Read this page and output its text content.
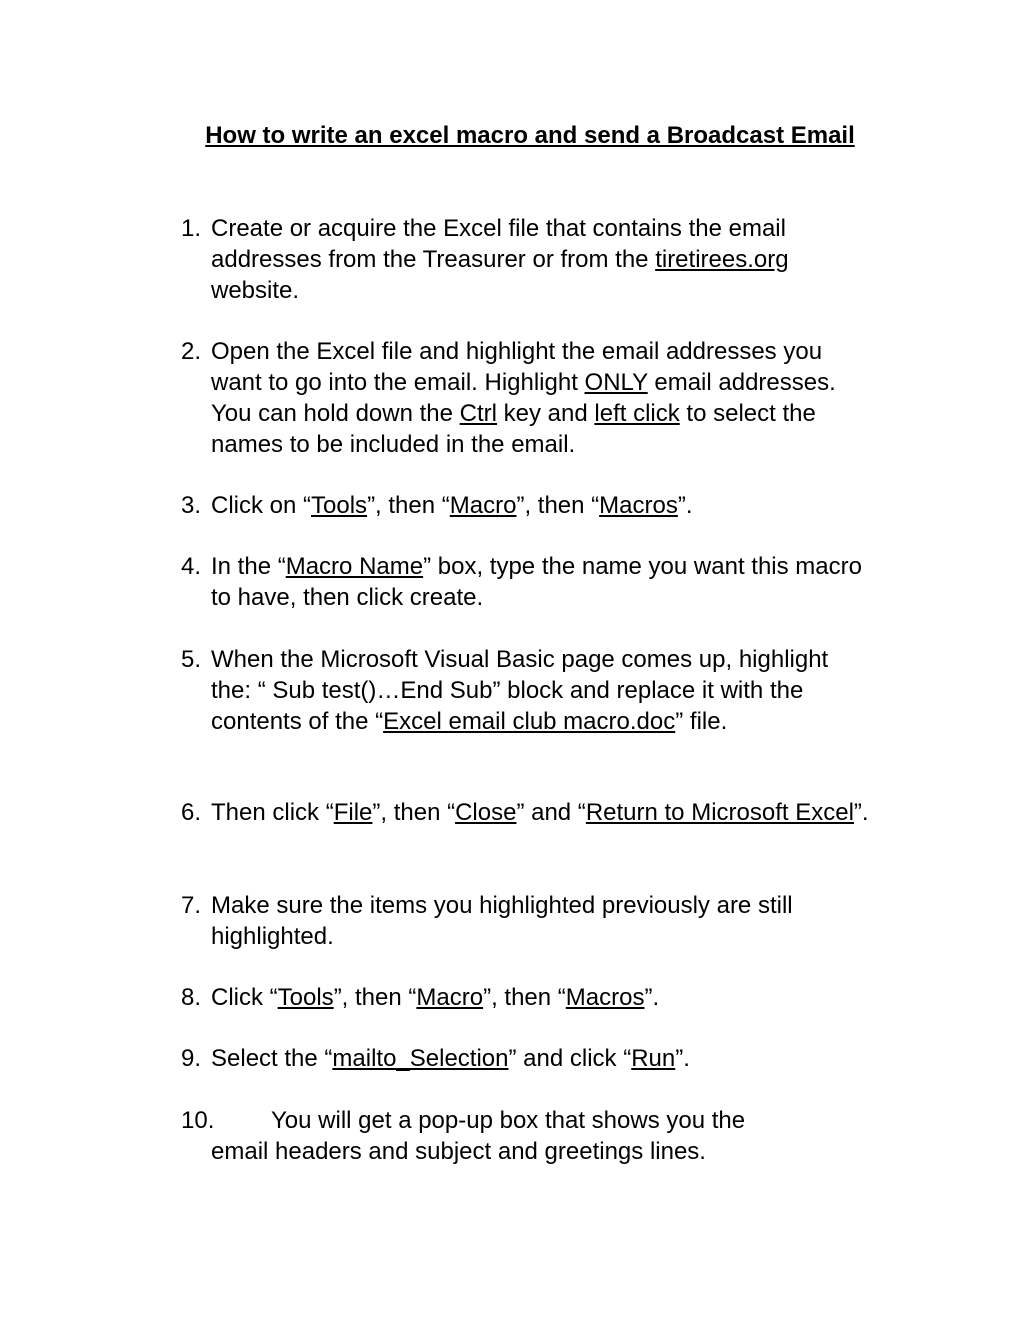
How to write an excel macro and send a Broadcast Email
1. Create or acquire the Excel file that contains the email addresses from the Treasurer or from the tiretirees.org website.
2. Open the Excel file and highlight the email addresses you want to go into the email. Highlight ONLY email addresses. You can hold down the Ctrl key and left click to select the names to be included in the email.
3. Click on “Tools”, then “Macro”, then “Macros”.
4. In the “Macro Name” box, type the name you want this macro to have, then click create.
5. When the Microsoft Visual Basic page comes up, highlight the: “ Sub test()…End Sub” block and replace it with the contents of the “Excel email club macro.doc” file.
6. Then click “File”, then “Close” and “Return to Microsoft Excel”.
7. Make sure the items you highlighted previously are still highlighted.
8. Click “Tools”, then “Macro”, then “Macros”.
9. Select the “mailto_Selection” and click “Run”.
10. You will get a pop-up box that shows you the
email headers and subject and greetings lines.
